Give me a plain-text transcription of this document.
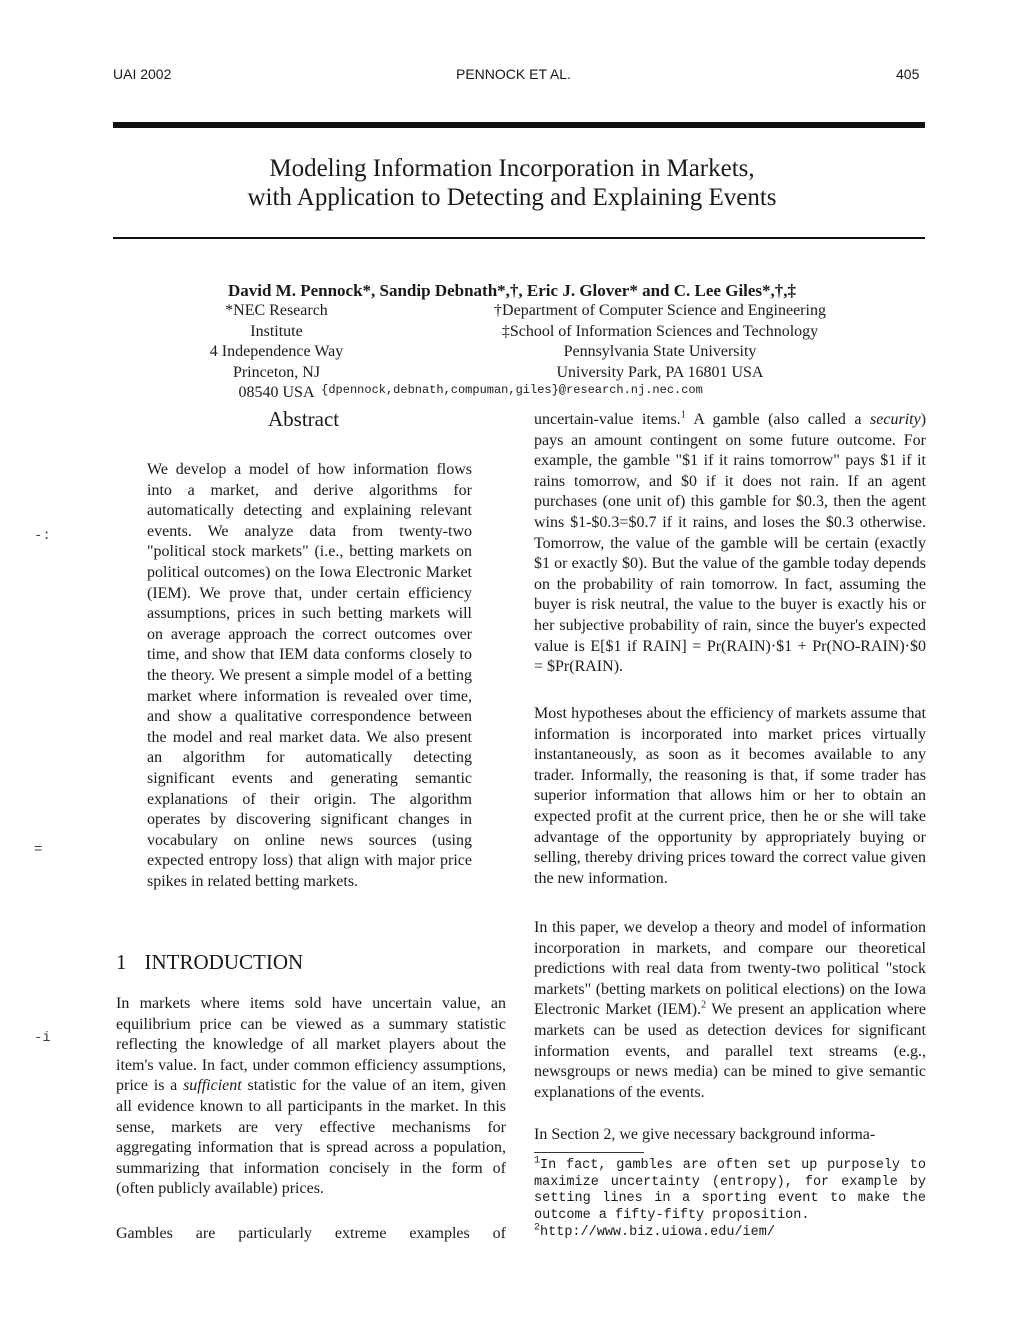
UAI 2002	PENNOCK ET AL.	405
Modeling Information Incorporation in Markets,
with Application to Detecting and Explaining Events
David M. Pennock*, Sandip Debnath*,†, Eric J. Glover* and C. Lee Giles*,†,‡
*NEC Research Institute
4 Independence Way
Princeton, NJ
08540 USA
†Department of Computer Science and Engineering
‡School of Information Sciences and Technology
Pennsylvania State University
University Park, PA 16801 USA
{dpennock,debnath,compuman,giles}@research.nj.nec.com
Abstract

We develop a model of how information flows into a market, and derive algorithms for automatically detecting and explaining relevant events. We analyze data from twenty-two "political stock markets" (i.e., betting markets on political outcomes) on the Iowa Electronic Market (IEM). We prove that, under certain efficiency assumptions, prices in such betting markets will on average approach the correct outcomes over time, and show that IEM data conforms closely to the theory. We present a simple model of a betting market where information is revealed over time, and show a qualitative correspondence between the model and real market data. We also present an algorithm for automatically detecting significant events and generating semantic explanations of their origin. The algorithm operates by discovering significant changes in vocabulary on online news sources (using expected entropy loss) that align with major price spikes in related betting markets.

1 INTRODUCTION

In markets where items sold have uncertain value, an equilibrium price can be viewed as a summary statistic reflecting the knowledge of all market players about the item's value. In fact, under common efficiency assumptions, price is a sufficient statistic for the value of an item, given all evidence known to all participants in the market. In this sense, markets are very effective mechanisms for aggregating information that is spread across a population, summarizing that information concisely in the form of (often publicly available) prices.

Gambles are particularly extreme examples of

uncertain-value items.$^1$ A gamble (also called a security) pays an amount contingent on some future outcome. For example, the gamble "$1 if it rains tomorrow" pays $1 if it rains tomorrow, and $0 if it does not rain. If an agent purchases (one unit of) this gamble for $0.3, then the agent wins $1-$0.3=$0.7 if it rains, and loses the $0.3 otherwise. Tomorrow, the value of the gamble will be certain (exactly $1 or exactly $0). But the value of the gamble today depends on the probability of rain tomorrow. In fact, assuming the buyer is risk neutral, the value to the buyer is exactly his or her subjective probability of rain, since the buyer's expected value is E[$1 if RAIN] = Pr(RAIN)·$1 + Pr(NO-RAIN)·$0 = $Pr(RAIN).

Most hypotheses about the efficiency of markets assume that information is incorporated into market prices virtually instantaneously, as soon as it becomes available to any trader. Informally, the reasoning is that, if some trader has superior information that allows him or her to obtain an expected profit at the current price, then he or she will take advantage of the opportunity by appropriately buying or selling, thereby driving prices toward the correct value given the new information.

In this paper, we develop a theory and model of information incorporation in markets, and compare our theoretical predictions with real data from twenty-two political "stock markets" (betting markets on political elections) on the Iowa Electronic Market (IEM).$^2$ We present an application where markets can be used as detection devices for significant information events, and parallel text streams (e.g., newsgroups or news media) can be mined to give semantic explanations of the events.

In Section 2, we give necessary background informa-

$^1$In fact, gambles are often set up purposely to maximize uncertainty (entropy), for example by setting lines in a sporting event to make the outcome a fifty-fifty proposition.
$^2$http://www.biz.uiowa.edu/iem/
-:
=
-i
